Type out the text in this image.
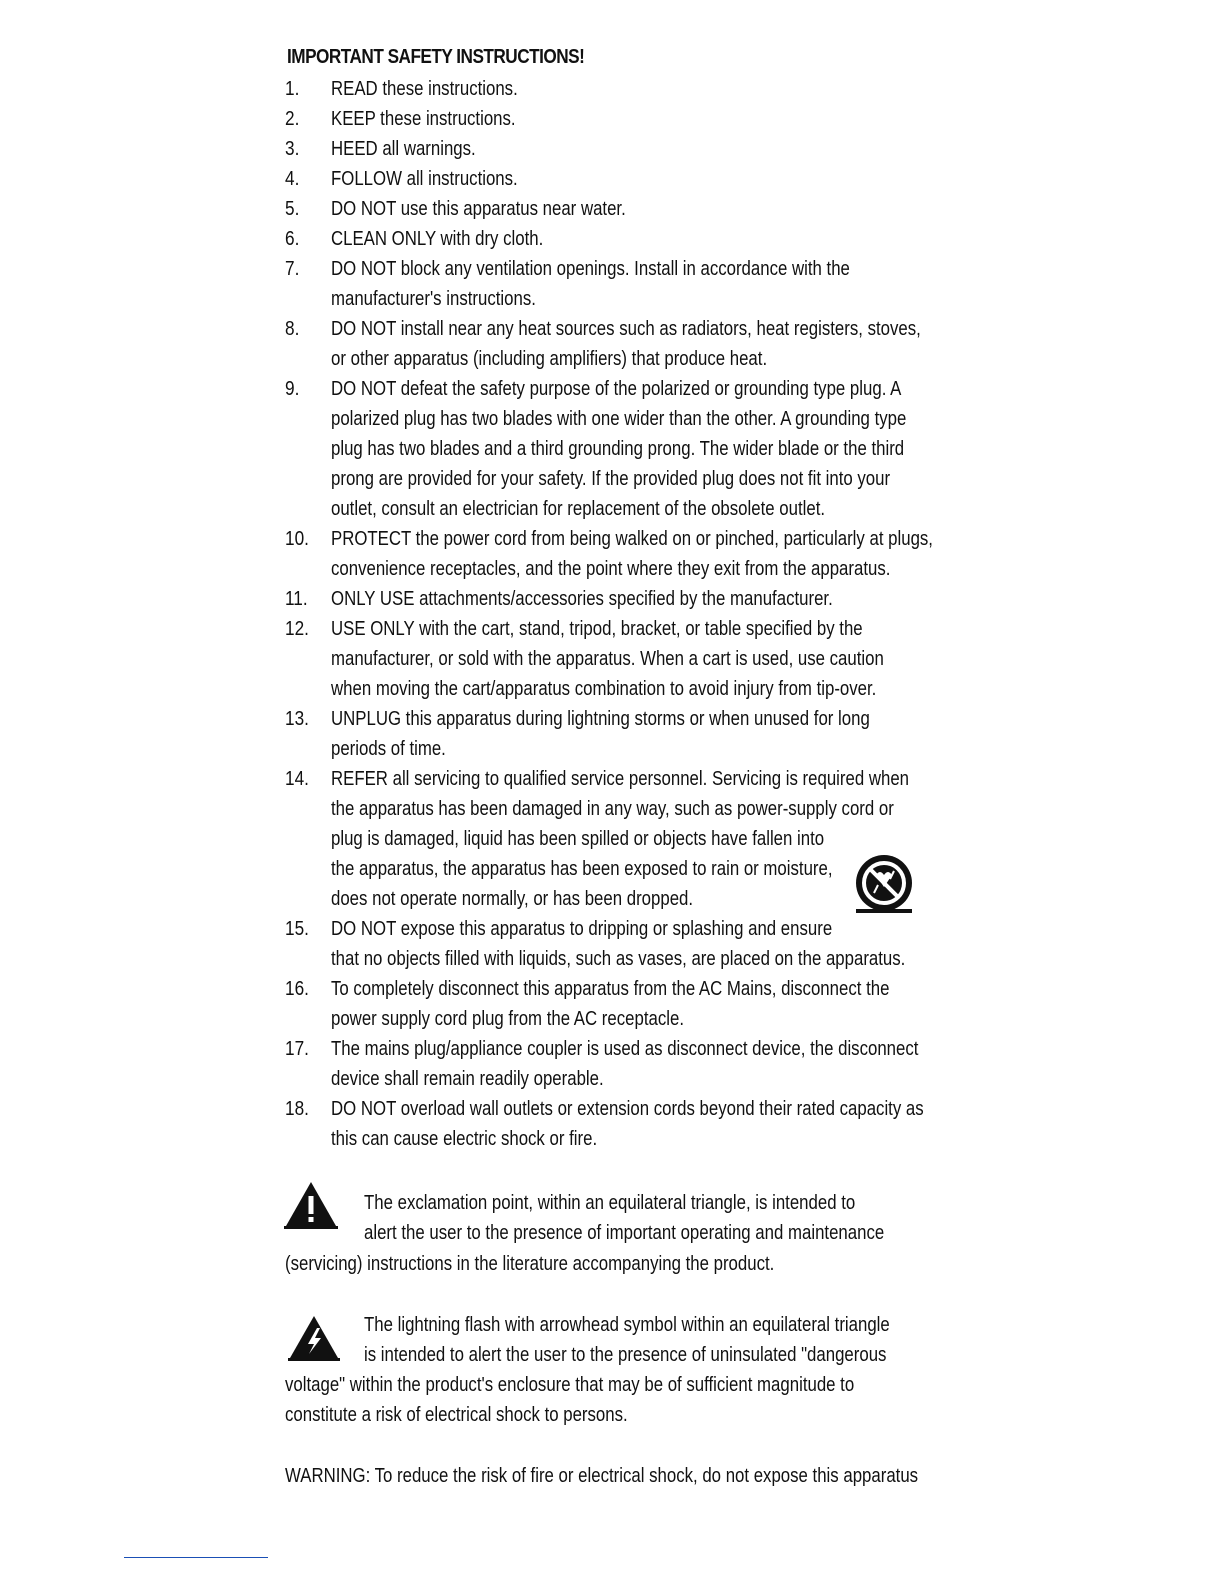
IMPORTANT SAFETY INSTRUCTIONS!
1. READ these instructions.
2. KEEP these instructions.
3. HEED all warnings.
4. FOLLOW all instructions.
5. DO NOT use this apparatus near water.
6. CLEAN ONLY with dry cloth.
7. DO NOT block any ventilation openings. Install in accordance with the
manufacturer's instructions.
8. DO NOT install near any heat sources such as radiators, heat registers, stoves,
or other apparatus (including amplifiers) that produce heat.
9. DO NOT defeat the safety purpose of the polarized or grounding type plug. A
polarized plug has two blades with one wider than the other. A grounding type
plug has two blades and a third grounding prong. The wider blade or the third
prong are provided for your safety. If the provided plug does not fit into your
outlet, consult an electrician for replacement of the obsolete outlet.
10. PROTECT the power cord from being walked on or pinched, particularly at plugs,
convenience receptacles, and the point where they exit from the apparatus.
11. ONLY USE attachments/accessories specified by the manufacturer.
12. USE ONLY with the cart, stand, tripod, bracket, or table specified by the
manufacturer, or sold with the apparatus. When a cart is used, use caution
when moving the cart/apparatus combination to avoid injury from tip-over.
13. UNPLUG this apparatus during lightning storms or when unused for long
periods of time.
14. REFER all servicing to qualified service personnel. Servicing is required when
the apparatus has been damaged in any way, such as power-supply cord or
plug is damaged, liquid has been spilled or objects have fallen into
the apparatus, the apparatus has been exposed to rain or moisture,
does not operate normally, or has been dropped.
15. DO NOT expose this apparatus to dripping or splashing and ensure
that no objects filled with liquids, such as vases, are placed on the apparatus.
16. To completely disconnect this apparatus from the AC Mains, disconnect the
power supply cord plug from the AC receptacle.
17. The mains plug/appliance coupler is used as disconnect device, the disconnect
device shall remain readily operable.
18. DO NOT overload wall outlets or extension cords beyond their rated capacity as
this can cause electric shock or fire.
The exclamation point, within an equilateral triangle, is intended to
alert the user to the presence of important operating and maintenance
(servicing) instructions in the literature accompanying the product.
The lightning flash with arrowhead symbol within an equilateral triangle
is intended to alert the user to the presence of uninsulated "dangerous
voltage" within the product's enclosure that may be of sufficient magnitude to
constitute a risk of electrical shock to persons.
WARNING: To reduce the risk of fire or electrical shock, do not expose this apparatus
